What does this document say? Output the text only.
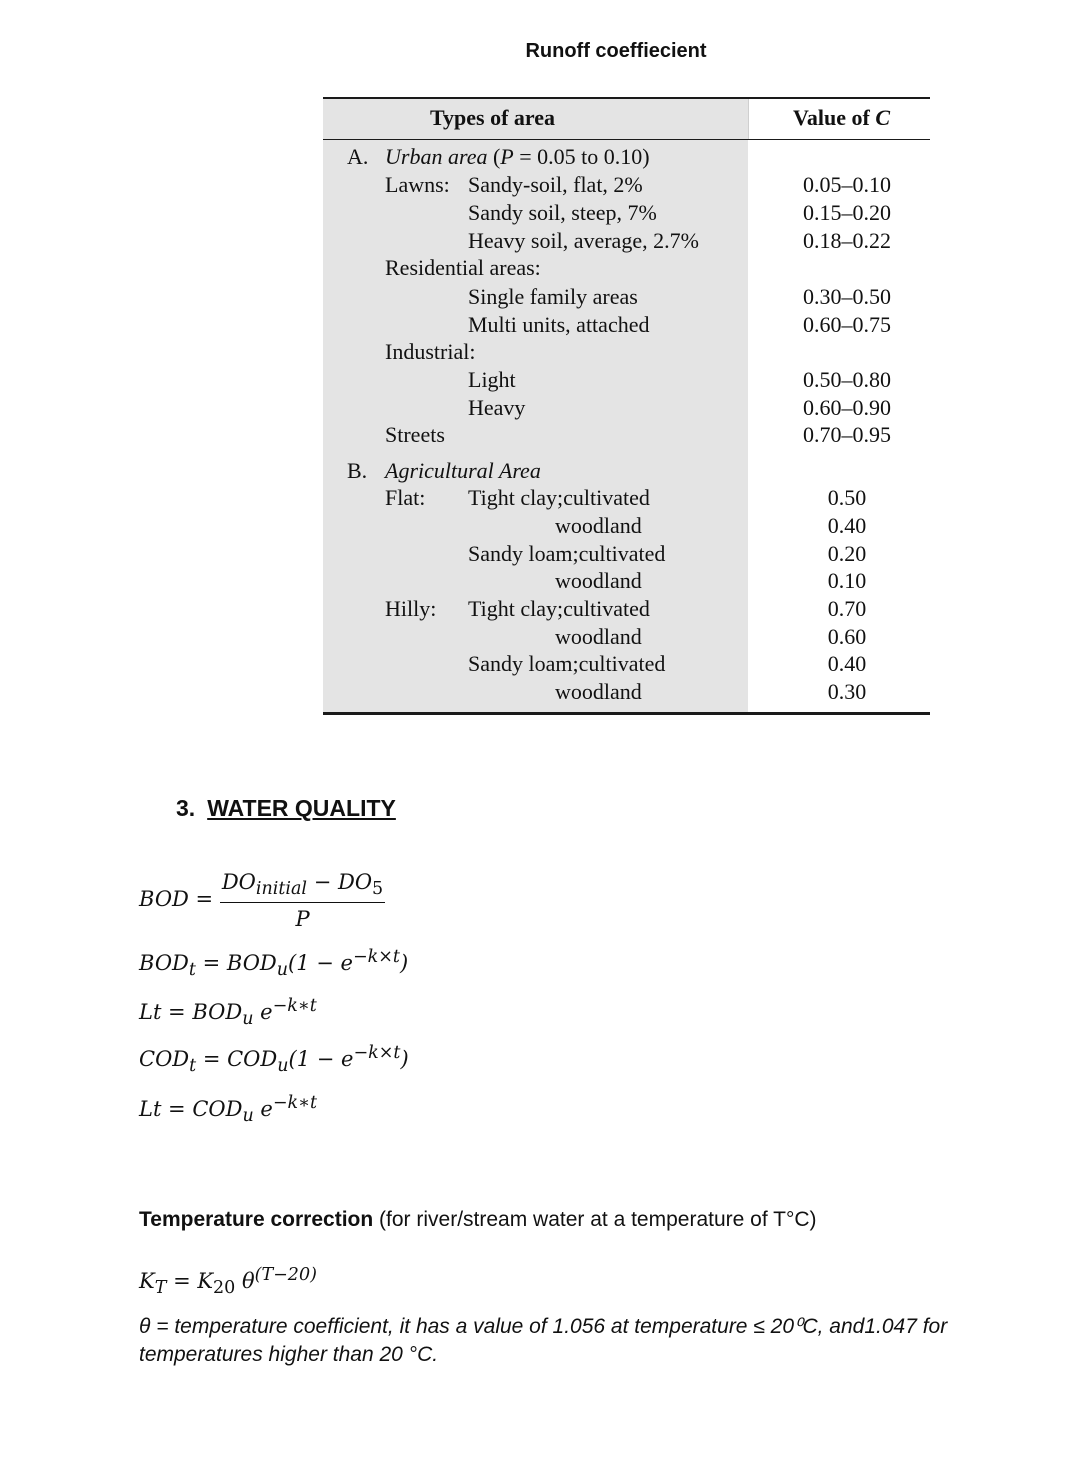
Runoff coeffiecient
Types of area	Value of C
A. Urban area (P = 0.05 to 0.10)
Lawns: Sandy-soil, flat, 2%	0.05–0.10
Sandy soil, steep, 7%	0.15–0.20
Heavy soil, average, 2.7%	0.18–0.22
Residential areas:
Single family areas	0.30–0.50
Multi units, attached	0.60–0.75
Industrial:
Light	0.50–0.80
Heavy	0.60–0.90
Streets	0.70–0.95
B. Agricultural Area
Flat: Tight clay;cultivated	0.50
woodland	0.40
Sandy loam;cultivated	0.20
woodland	0.10
Hilly: Tight clay;cultivated	0.70
woodland	0.60
Sandy loam;cultivated	0.40
woodland	0.30
3. WATER QUALITY
BOD = $\frac{DO_{initial} - DO_5}{P}$
$BOD_t = BOD_u(1 - e^{-k\times t})$
$Lt = BOD_u$ $e^{-k∗t}$
$COD_t = COD_u(1 - e^{-k\times t})$
$Lt = COD_u$ $e^{-k∗t}$
Temperature correction (for river/stream water at a temperature of T°C)
$K_T = K_{20}$ $\theta^{(T-20)}$
θ = temperature coefficient, it has a value of 1.056 at temperature ≤ 20⁰C, and1.047 for temperatures higher than 20 °C.
